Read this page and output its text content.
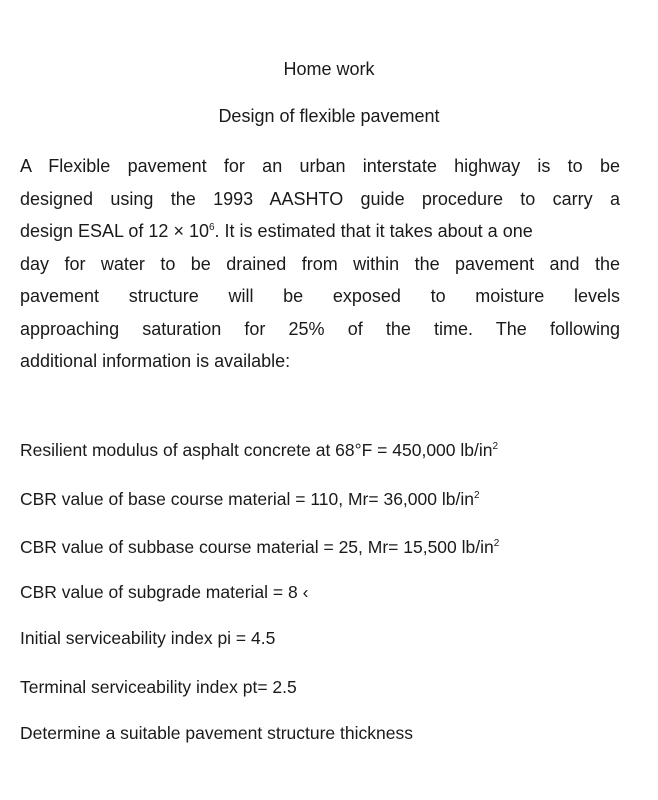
Home work
Design of flexible pavement
A Flexible pavement for an urban interstate highway is to be
designed using the 1993 AASHTO guide procedure to carry a
design ESAL of $12 \times 10^6$. It is estimated that it takes about a one
day for water to be drained from within the pavement and the
pavement structure will be exposed to moisture levels
approaching saturation for 25% of the time. The following
additional information is available:

Resilient modulus of asphalt concrete at 68°F = 450,000 $lb/in^2$

CBR value of base course material = 110, Mr= 36,000 $lb/in^2$

CBR value of subbase course material = 25, Mr= 15,500 $lb/in^2$

CBR value of subgrade material = 8 ‹

Initial serviceability index pi = 4.5

Terminal serviceability index pt= 2.5

Determine a suitable pavement structure thickness
